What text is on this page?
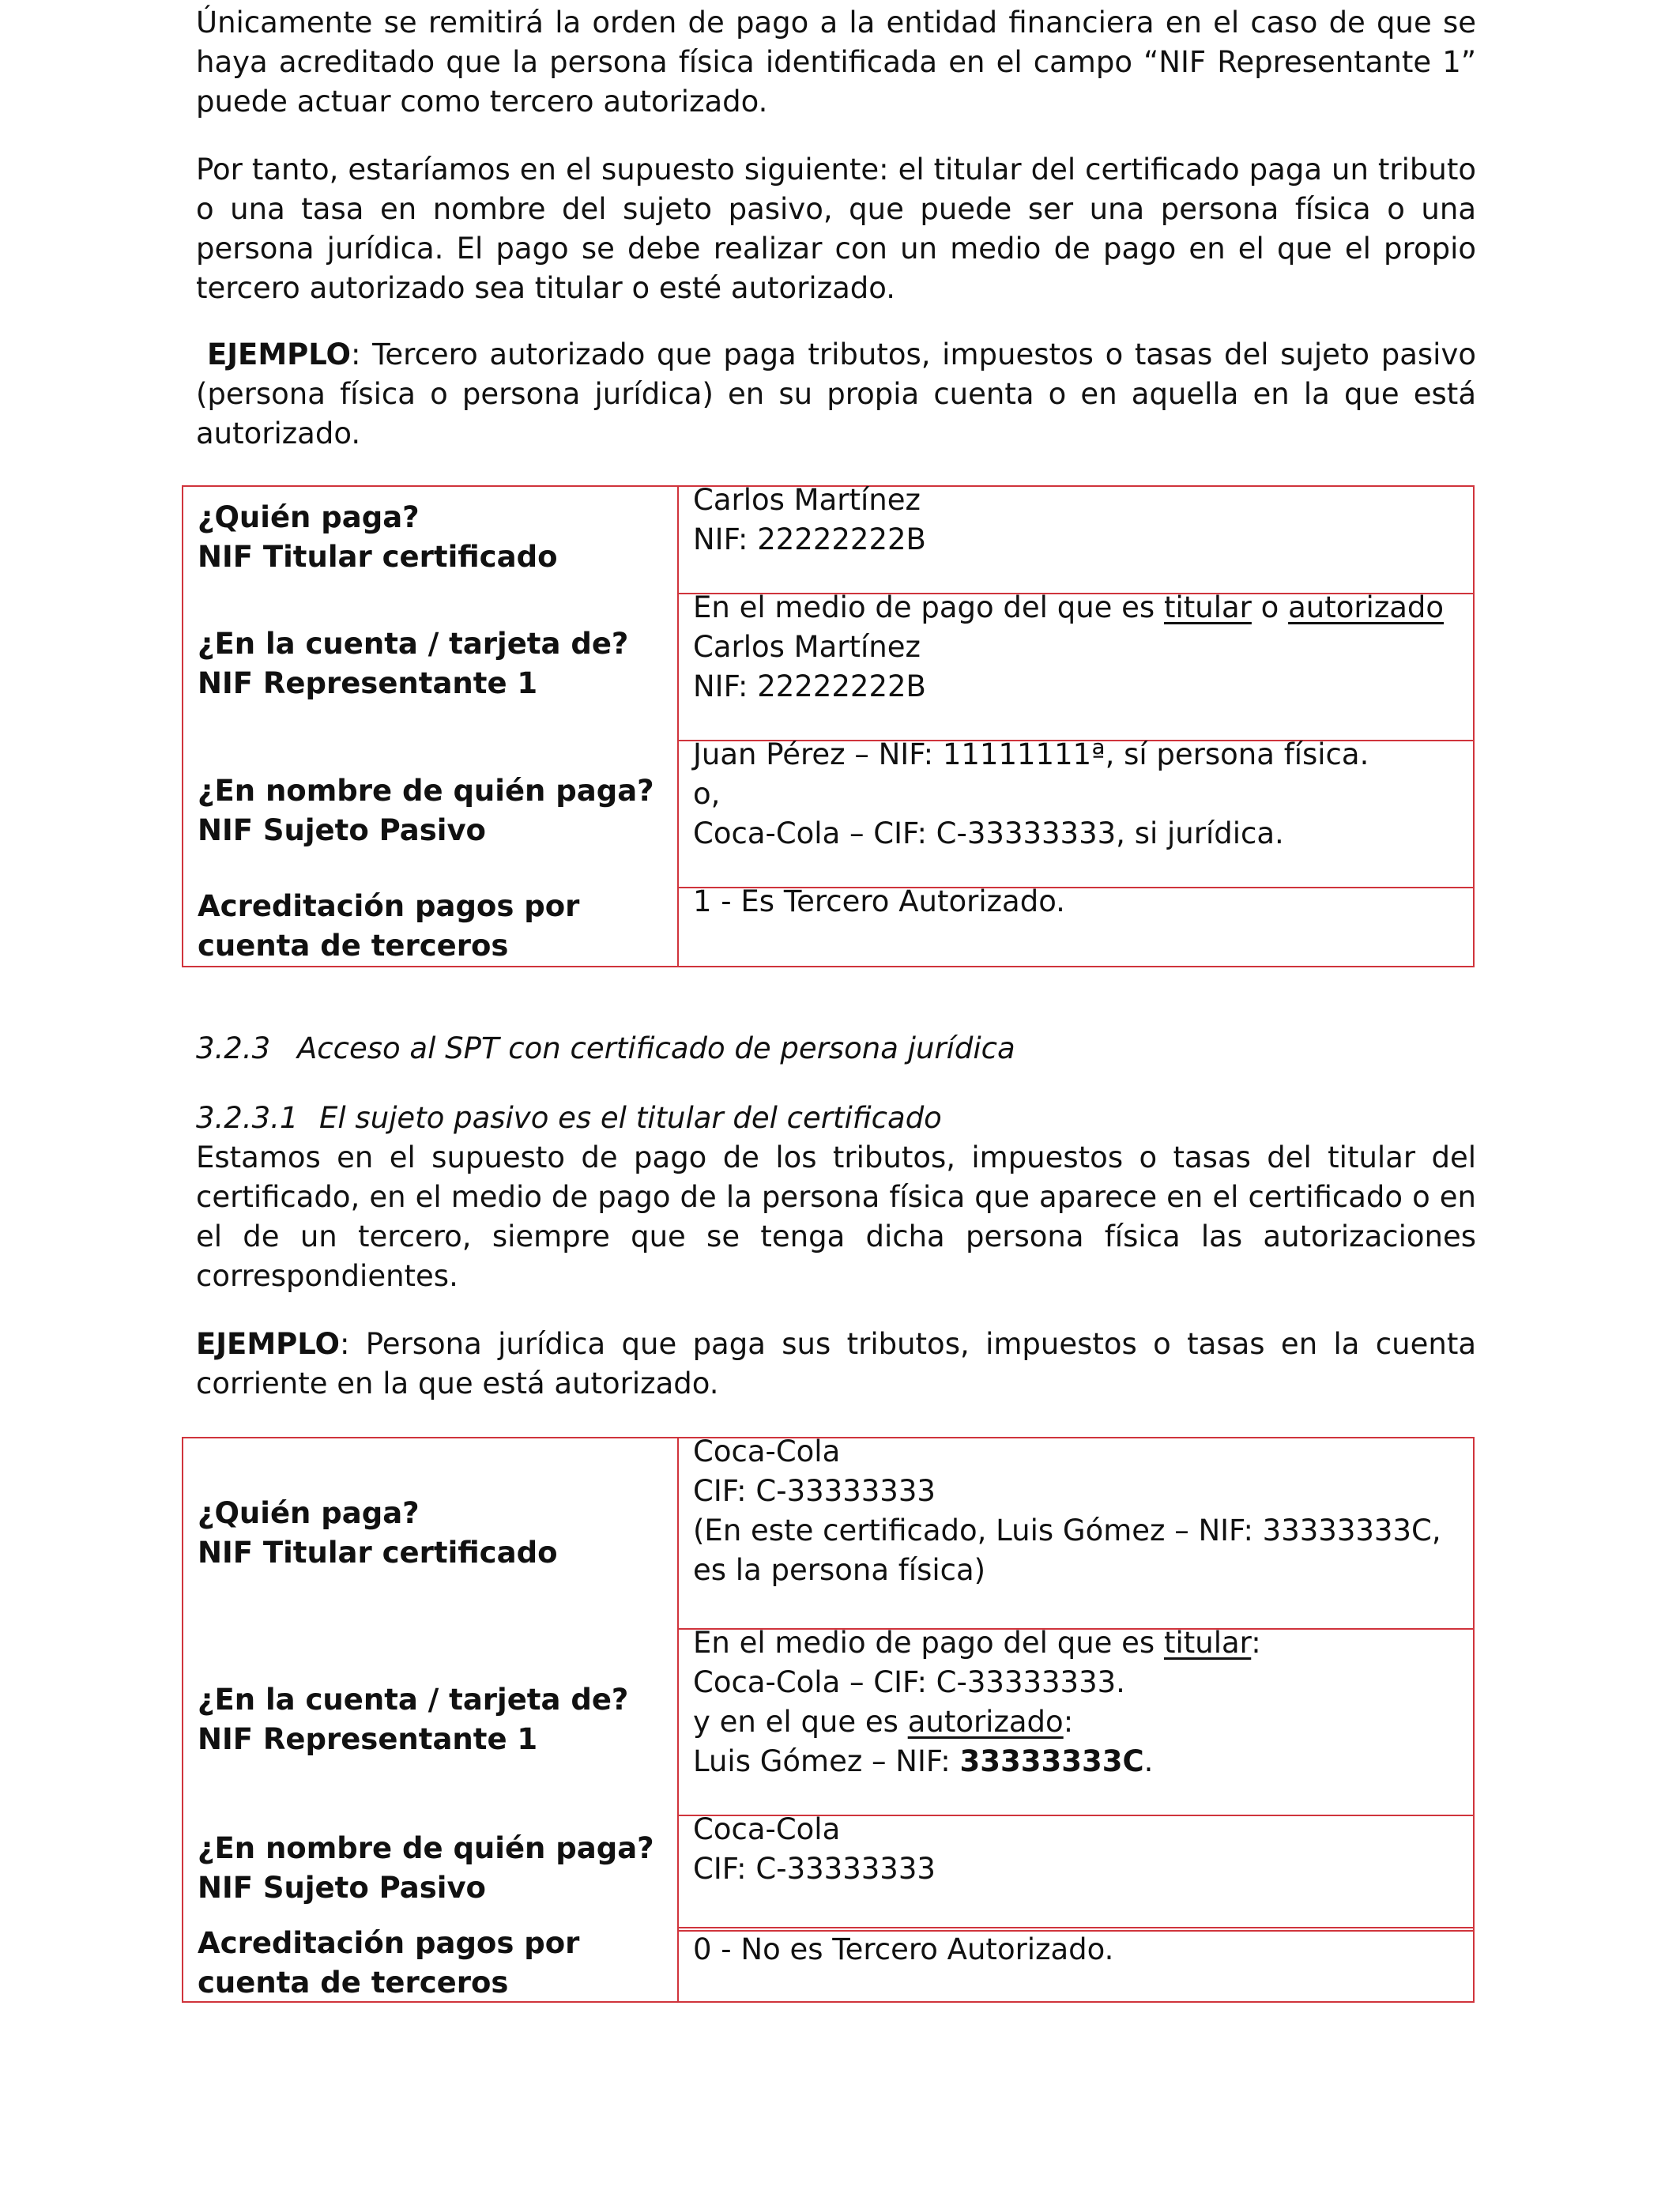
Únicamente se remitirá la orden de pago a la entidad financiera en el caso de que se haya acreditado que la persona física identificada en el campo “NIF Representante 1” puede actuar como tercero autorizado.

Por tanto, estaríamos en el supuesto siguiente: el titular del certificado paga un tributo o una tasa en nombre del sujeto pasivo, que puede ser una persona física o una persona jurídica. El pago se debe realizar con un medio de pago en el que el propio tercero autorizado sea titular o esté autorizado.

EJEMPLO: Tercero autorizado que paga tributos, impuestos o tasas del sujeto pasivo (persona física o persona jurídica) en su propia cuenta o en aquella en la que está autorizado.

¿Quién paga?
NIF Titular certificado
¿En la cuenta / tarjeta de?
NIF Representante 1
¿En nombre de quién paga?
NIF Sujeto Pasivo
Acreditación pagos por
cuenta de terceros
Carlos Martínez
NIF: 22222222B
En el medio de pago del que es titular o autorizado
Carlos Martínez
NIF: 22222222B
Juan Pérez – NIF: 11111111ª, sí persona física.
o,
Coca-Cola – CIF: C-33333333, si jurídica.
1 - Es Tercero Autorizado.

3.2.3 Acceso al SPT con certificado de persona jurídica

3.2.3.1 El sujeto pasivo es el titular del certificado

Estamos en el supuesto de pago de los tributos, impuestos o tasas del titular del certificado, en el medio de pago de la persona física que aparece en el certificado o en el de un tercero, siempre que se tenga dicha persona física las autorizaciones correspondientes.

EJEMPLO: Persona jurídica que paga sus tributos, impuestos o tasas en la cuenta corriente en la que está autorizado.

¿Quién paga?
NIF Titular certificado
¿En la cuenta / tarjeta de?
NIF Representante 1
¿En nombre de quién paga?
NIF Sujeto Pasivo
Acreditación pagos por
cuenta de terceros
Coca-Cola
CIF: C-33333333
(En este certificado, Luis Gómez – NIF: 33333333C,
es la persona física)
En el medio de pago del que es titular:
Coca-Cola – CIF: C-33333333.
y en el que es autorizado:
Luis Gómez – NIF: 33333333C.
Coca-Cola
CIF: C-33333333
0 - No es Tercero Autorizado.
